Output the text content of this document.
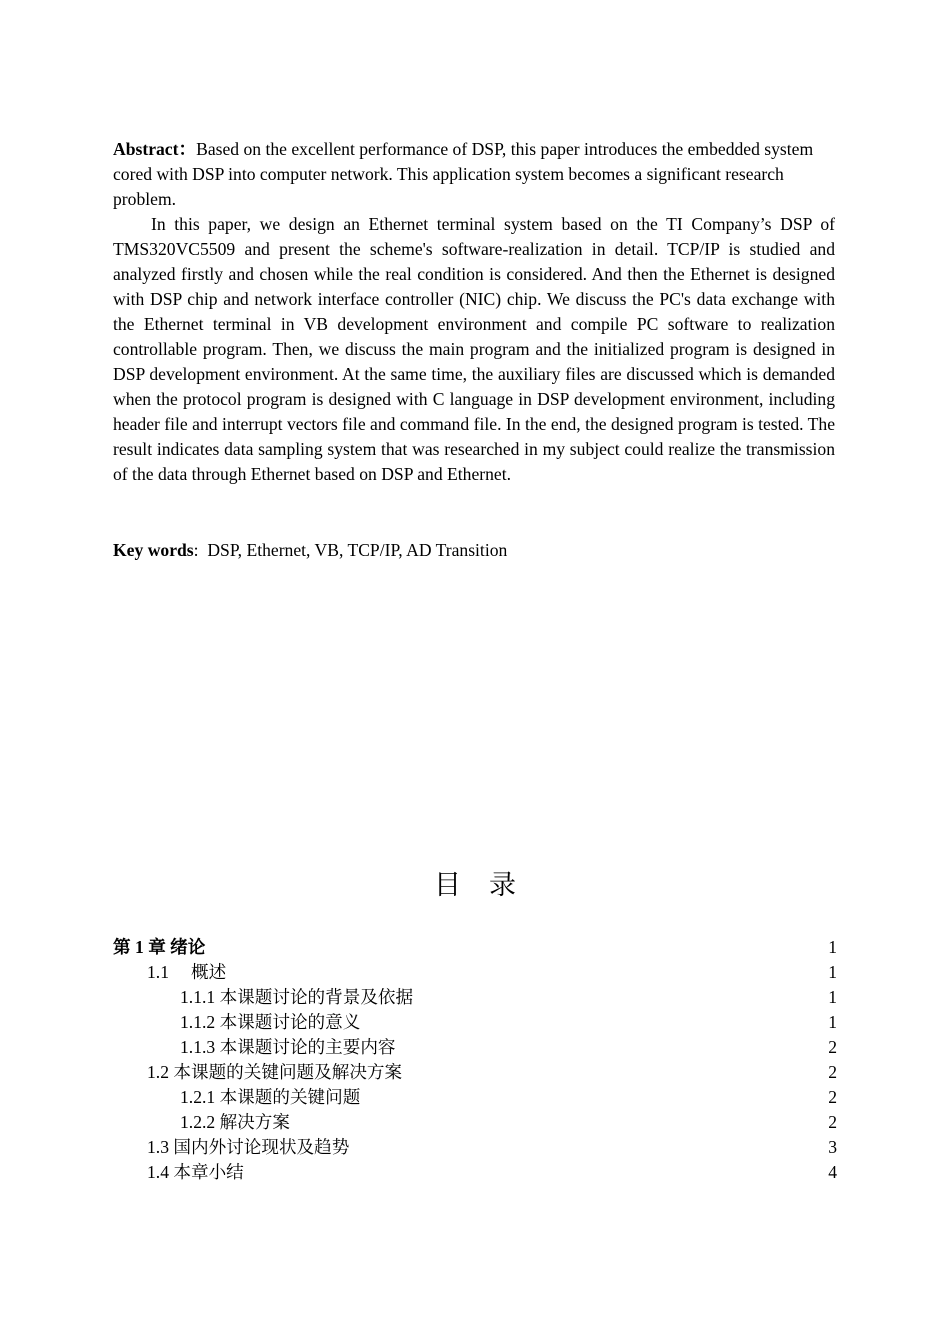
Abstract：Based on the excellent performance of DSP, this paper introduces the embedded system cored with DSP into computer network. This application system becomes a significant research problem.

In this paper, we design an Ethernet terminal system based on the TI Company’s DSP of TMS320VC5509 and present the scheme's software-realization in detail. TCP/IP is studied and analyzed firstly and chosen while the real condition is considered. And then the Ethernet is designed with DSP chip and network interface controller (NIC) chip. We discuss the PC's data exchange with the Ethernet terminal in VB development environment and compile PC software to realization controllable program. Then, we discuss the main program and the initialized program is designed in DSP development environment. At the same time, the auxiliary files are discussed which is demanded when the protocol program is designed with C language in DSP development environment, including header file and interrupt vectors file and command file. In the end, the designed program is tested. The result indicates data sampling system that was researched in my subject could realize the transmission of the data through Ethernet based on DSP and Ethernet.

Key words: DSP, Ethernet, VB, TCP/IP, AD Transition

目录
第 1 章 绪论	1
1.1　 概述	1
1.1.1 本课题讨论的背景及依据	1
1.1.2 本课题讨论的意义	1
1.1.3 本课题讨论的主要内容	2
1.2 本课题的关键问题及解决方案	2
1.2.1 本课题的关键问题	2
1.2.2 解决方案	2
1.3 国内外讨论现状及趋势	3
1.4 本章小结	4
